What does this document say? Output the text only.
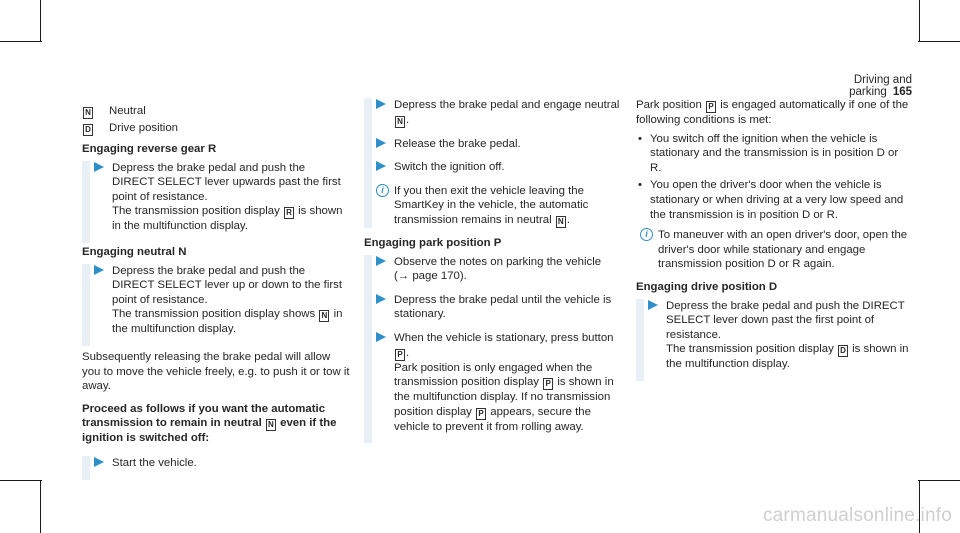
Driving and parking 165
N Neutral
D Drive position
Engaging reverse gear R
Depress the brake pedal and push the DIRECT SELECT lever upwards past the first point of resistance.
The transmission position display R is shown in the multifunction display.
Engaging neutral N
Depress the brake pedal and push the DIRECT SELECT lever up or down to the first point of resistance.
The transmission position display shows N in the multifunction display.
Subsequently releasing the brake pedal will allow you to move the vehicle freely, e.g. to push it or tow it away.
Proceed as follows if you want the automatic transmission to remain in neutral N even if the ignition is switched off:
Start the vehicle.
Depress the brake pedal and engage neutral N .
Release the brake pedal.
Switch the ignition off.
i If you then exit the vehicle leaving the SmartKey in the vehicle, the automatic transmission remains in neutral N .
Engaging park position P
Observe the notes on parking the vehicle
(→ page 170).
Depress the brake pedal until the vehicle is stationary.
When the vehicle is stationary, press button
P .
Park position is only engaged when the transmission position display P is shown in the multifunction display. If no transmission position display P appears, secure the vehicle to prevent it from rolling away.
Park position P is engaged automatically if one of the following conditions is met:
• You switch off the ignition when the vehicle is stationary and the transmission is in position D or R.
• You open the driver's door when the vehicle is stationary or when driving at a very low speed and the transmission is in position D or R.
i To maneuver with an open driver's door, open the driver's door while stationary and engage transmission position D or R again.
Engaging drive position D
Depress the brake pedal and push the DIRECT SELECT lever down past the first point of resistance.
The transmission position display D is shown in the multifunction display.
carmanualsonline.info
